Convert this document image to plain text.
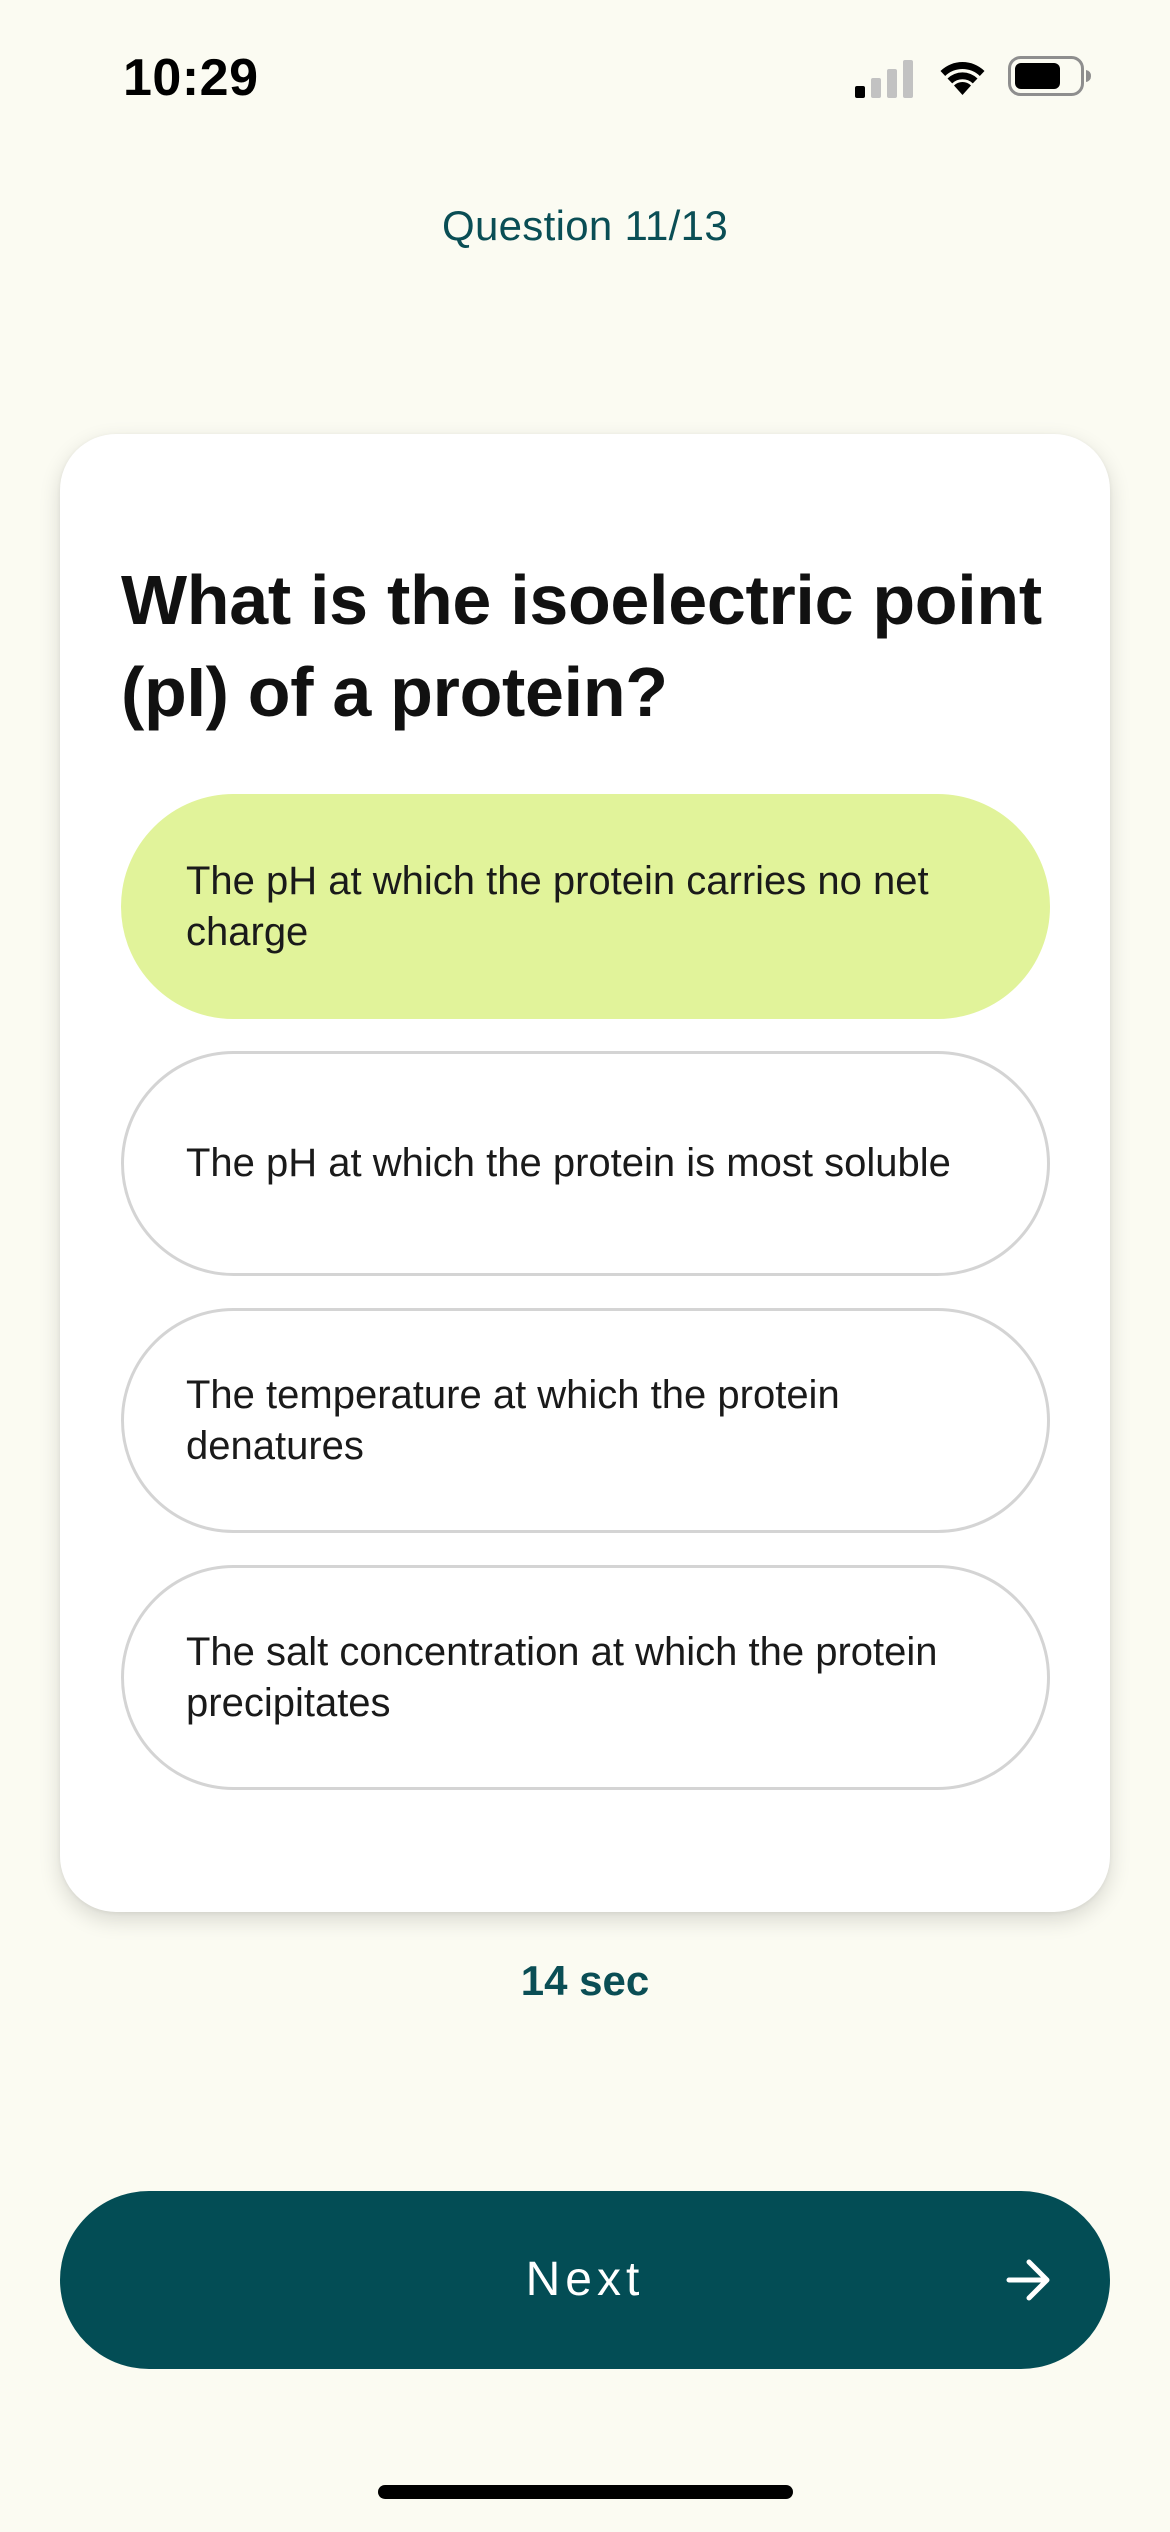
10:29
Question 11/13
What is the isoelectric point (pI) of a protein?
The pH at which the protein carries no net charge
The pH at which the protein is most soluble
The temperature at which the protein denatures
The salt concentration at which the protein precipitates
14 sec
Next
